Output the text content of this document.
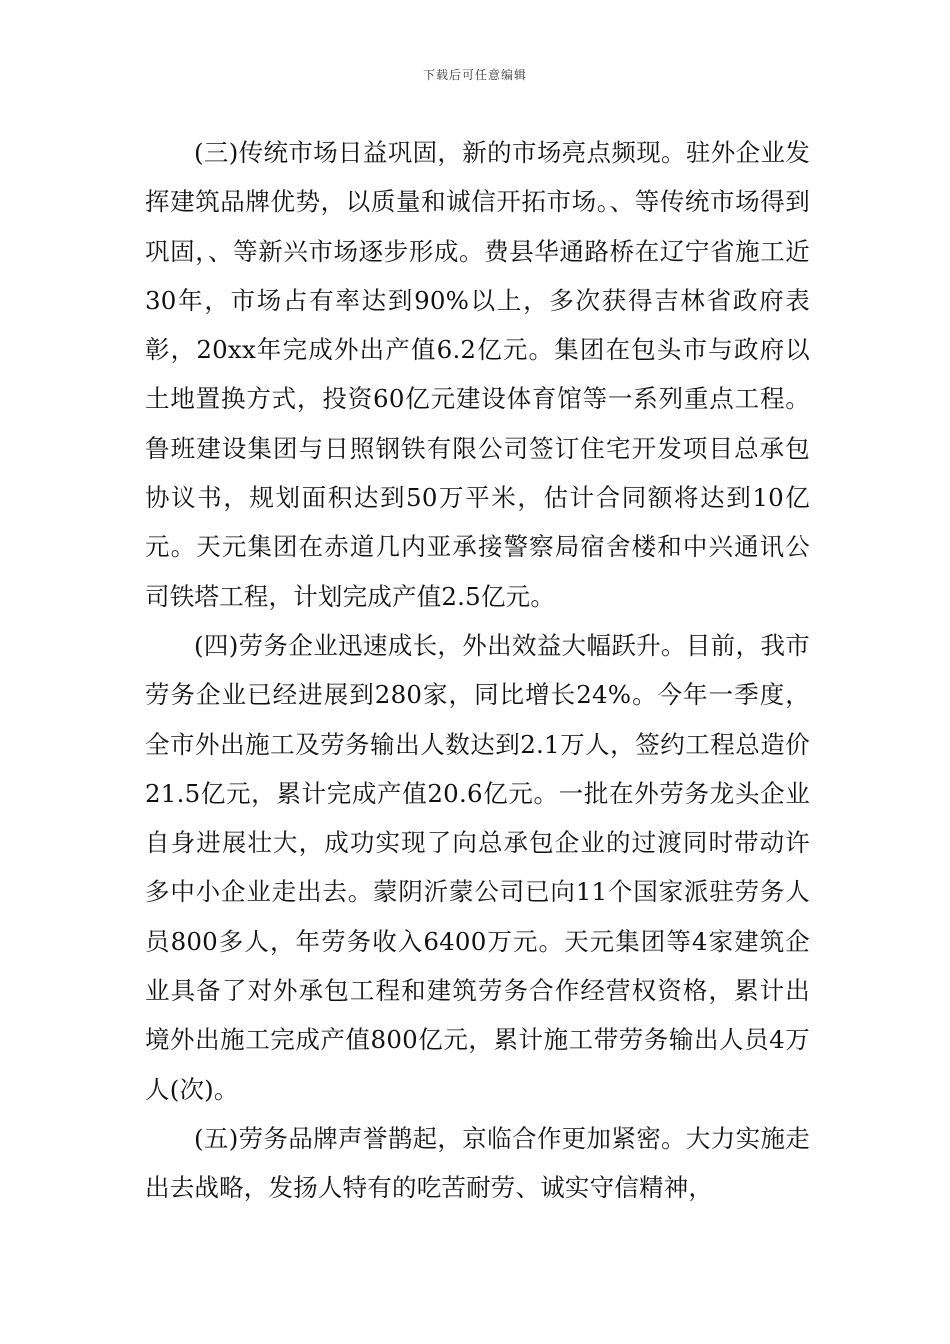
下载后可任意编辑

(三)传统市场日益巩固，新的市场亮点频现。驻外企业发挥建筑品牌优势，以质量和诚信开拓市场。、等传统市场得到巩固，、等新兴市场逐步形成。费县华通路桥在辽宁省施工近30年，市场占有率达到90%以上，多次获得吉林省政府表彰，20xx年完成外出产值6.2亿元。集团在包头市与政府以土地置换方式，投资60亿元建设体育馆等一系列重点工程。鲁班建设集团与日照钢铁有限公司签订住宅开发项目总承包协议书，规划面积达到50万平米，估计合同额将达到10亿元。天元集团在赤道几内亚承接警察局宿舍楼和中兴通讯公司铁塔工程，计划完成产值2.5亿元。

(四)劳务企业迅速成长，外出效益大幅跃升。目前，我市劳务企业已经进展到280家，同比增长24%。今年一季度，全市外出施工及劳务输出人数达到2.1万人，签约工程总造价21.5亿元，累计完成产值20.6亿元。一批在外劳务龙头企业自身进展壮大，成功实现了向总承包企业的过渡同时带动许多中小企业走出去。蒙阴沂蒙公司已向11个国家派驻劳务人员800多人，年劳务收入6400万元。天元集团等4家建筑企业具备了对外承包工程和建筑劳务合作经营权资格，累计出境外出施工完成产值800亿元，累计施工带劳务输出人员4万人(次)。

(五)劳务品牌声誉鹊起，京临合作更加紧密。大力实施走出去战略，发扬人特有的吃苦耐劳、诚实守信精神，
